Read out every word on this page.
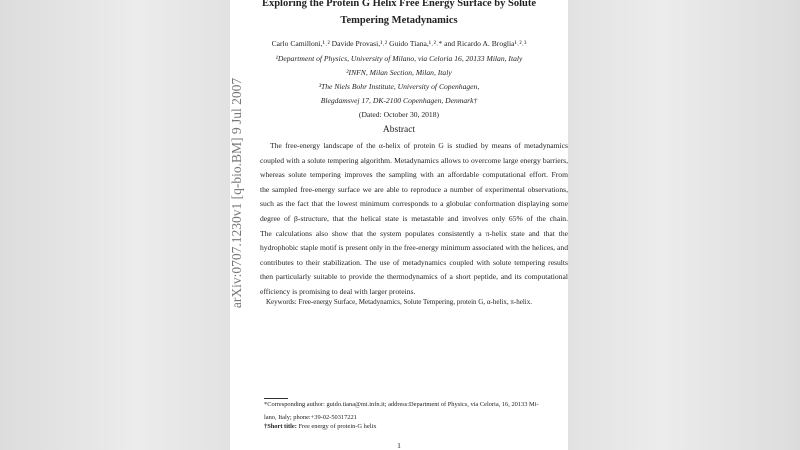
arXiv:0707.1230v1 [q-bio.BM] 9 Jul 2007
Exploring the Protein G Helix Free Energy Surface by Solute
Tempering Metadynamics
Carlo Camilloni,¹˒² Davide Provasi,¹˒² Guido Tiana,¹˒²˒* and Ricardo A. Broglia¹˒²˒³
¹Department of Physics, University of Milano, via Celoria 16, 20133 Milan, Italy
²INFN, Milan Section, Milan, Italy
³The Niels Bohr Institute, University of Copenhagen,
Blegdamsvej 17, DK-2100 Copenhagen, Denmark†
(Dated: October 30, 2018)
Abstract
The free-energy landscape of the α-helix of protein G is studied by means of metadynamics
coupled with a solute tempering algorithm. Metadynamics allows to overcome large energy barriers,
whereas solute tempering improves the sampling with an affordable computational effort. From
the sampled free-energy surface we are able to reproduce a number of experimental observations,
such as the fact that the lowest minimum corresponds to a globular conformation displaying some
degree of β-structure, that the helical state is metastable and involves only 65% of the chain.
The calculations also show that the system populates consistently a π-helix state and that the
hydrophobic staple motif is present only in the free-energy minimum associated with the helices, and
contributes to their stabilization. The use of metadynamics coupled with solute tempering results
then particularly suitable to provide the thermodynamics of a short peptide, and its computational
efficiency is promising to deal with larger proteins.
Keywords: Free-energy Surface, Metadynamics, Solute Tempering, protein G, α-helix, π-helix.
*Corresponding author: guido.tiana@mi.infn.it; address:Department of Physics, via Celoria, 16, 20133 Mi-
lano, Italy; phone:+39-02-50317221
†Short title: Free energy of protein-G helix
1
